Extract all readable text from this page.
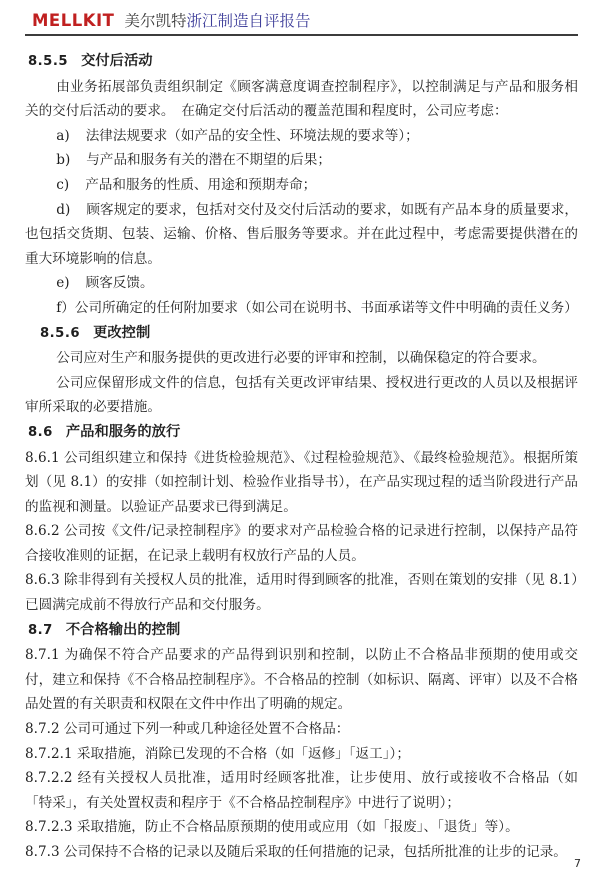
MELLKIT 美尔凯特浙江制造自评报告
8.5.5 交付后活动
由业务拓展部负责组织制定《顾客满意度调查控制程序》，以控制满足与产品和服务相关的交付后活动的要求。　在确定交付后活动的覆盖范围和程度时，公司应考虑：
a) 法律法规要求（如产品的安全性、环境法规的要求等）；
b) 与产品和服务有关的潜在不期望的后果；
c) 产品和服务的性质、用途和预期寿命；
d) 顾客规定的要求，包括对交付及交付后活动的要求，如既有产品本身的质量要求，也包括交货期、包装、运输、价格、售后服务等要求。并在此过程中，考虑需要提供潜在的重大环境影响的信息。
e) 顾客反馈。
f）公司所确定的任何附加要求（如公司在说明书、书面承诺等文件中明确的责任义务）
8.5.6 更改控制
公司应对生产和服务提供的更改进行必要的评审和控制，以确保稳定的符合要求。
公司应保留形成文件的信息，包括有关更改评审结果、授权进行更改的人员以及根据评审所采取的必要措施。
8.6 产品和服务的放行
8.6.1 公司组织建立和保持《进货检验规范》、《过程检验规范》、《最终检验规范》。根据所策划（见 8.1）的安排（如控制计划、检验作业指导书），在产品实现过程的适当阶段进行产品的监视和测量。以验证产品要求已得到满足。
8.6.2 公司按《文件/记录控制程序》的要求对产品检验合格的记录进行控制，以保持产品符合接收准则的证据，在记录上载明有权放行产品的人员。
8.6.3 除非得到有关授权人员的批准，适用时得到顾客的批准，否则在策划的安排（见 8.1）已圆满完成前不得放行产品和交付服务。
8.7 不合格输出的控制
8.7.1 为确保不符合产品要求的产品得到识别和控制，以防止不合格品非预期的使用或交付，建立和保持《不合格品控制程序》。不合格品的控制（如标识、隔离、评审）以及不合格品处置的有关职责和权限在文件中作出了明确的规定。
8.7.2 公司可通过下列一种或几种途径处置不合格品：
8.7.2.1 采取措施，消除已发现的不合格（如「返修」「返工」）；
8.7.2.2 经有关授权人员批准，适用时经顾客批准，让步使用、放行或接收不合格品（如「特采」，有关处置权责和程序于《不合格品控制程序》中进行了说明）；
8.7.2.3 采取措施，防止不合格品原预期的使用或应用（如「报废」、「退货」等）。
8.7.3 公司保持不合格的记录以及随后采取的任何措施的记录，包括所批准的让步的记录。
7
